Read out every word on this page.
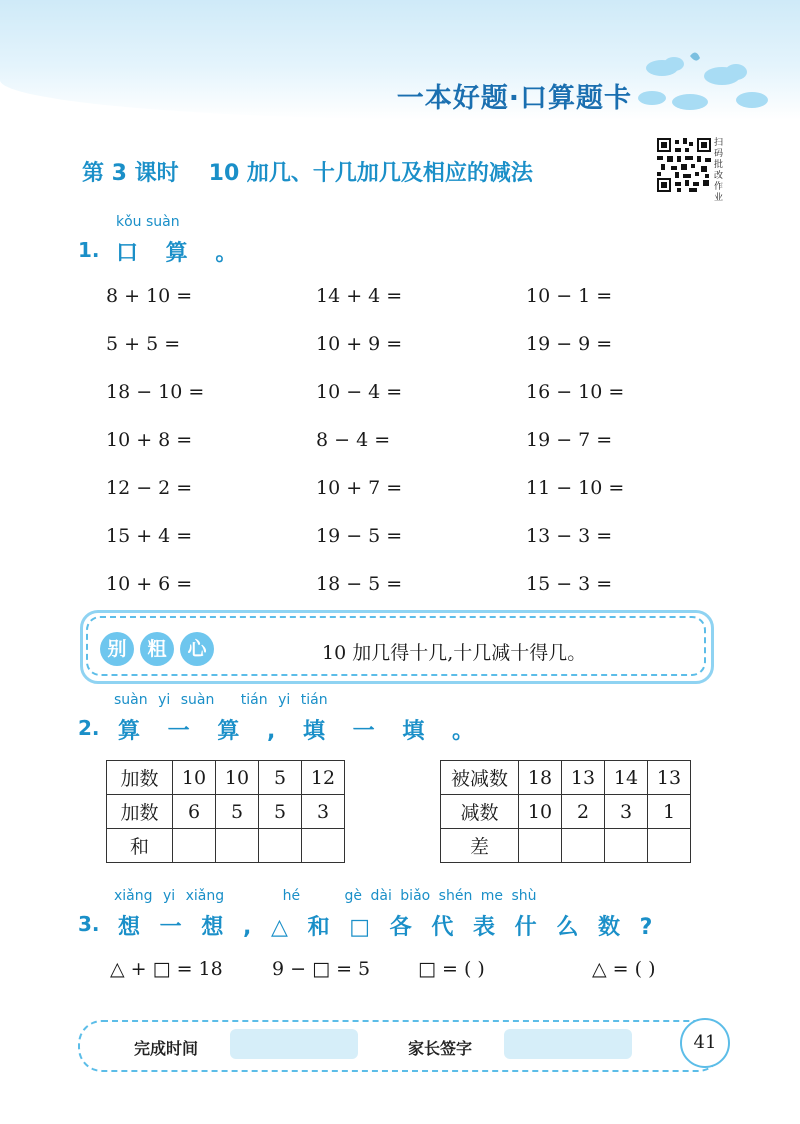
一本好题·口算题卡
第 3 课时 10 加几、十几加几及相应的减法
扫码批改作业
kǒu suàn
1. 口 算 。
8 + 10 =	14 + 4 =	10 − 1 =
5 + 5 =	10 + 9 =	19 − 9 =
18 − 10 =	10 − 4 =	16 − 10 =
10 + 8 =	8 − 4 =	19 − 7 =
12 − 2 =	10 + 7 =	11 − 10 =
15 + 4 =	19 − 5 =	13 − 3 =
10 + 6 =	18 − 5 =	15 − 3 =
别	粗	心	10 加几得十几,十几减十得几。
suàn yi suàn tián yi tián
2. 算 一 算 , 填 一 填 。
加数	10	10	5	12
加数	6	5	5	3
和				
被减数	18	13	14	13
减数	10	2	3	1
差				
xiǎng yi xiǎng	hé	gè dài biǎo shén me shù
3. 想 一 想 , △ 和 □ 各 代 表 什 么 数 ?
△ + □ = 18	9 − □ = 5	□ = ( )	△ = ( )
完成时间	家长签字	41
